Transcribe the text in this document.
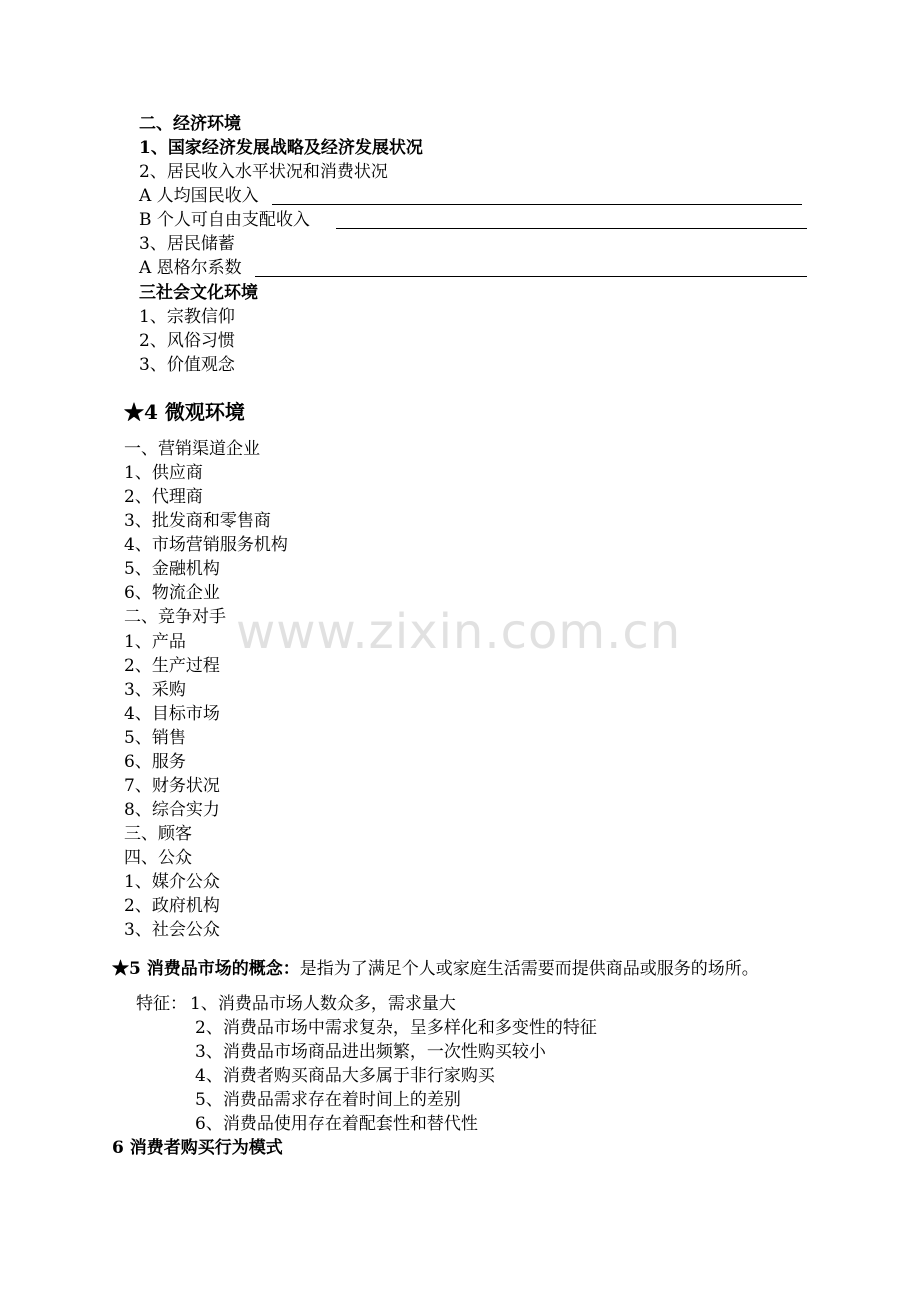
二、经济环境
1、国家经济发展战略及经济发展状况
2、居民收入水平状况和消费状况
A 人均国民收入
B 个人可自由支配收入
3、居民储蓄
A 恩格尔系数
三社会文化环境
1、宗教信仰
2、风俗习惯
3、价值观念
★4 微观环境
一、营销渠道企业
1、供应商
2、代理商
3、批发商和零售商
4、市场营销服务机构
5、金融机构
6、物流企业
二、竞争对手
1、产品
2、生产过程
3、采购
4、目标市场
5、销售
6、服务
7、财务状况
8、综合实力
三、顾客
四、公众
1、媒介公众
2、政府机构
3、社会公众
★5 消费品市场的概念：是指为了满足个人或家庭生活需要而提供商品或服务的场所。
特征： 1、消费品市场人数众多，需求量大
2、消费品市场中需求复杂，呈多样化和多变性的特征
3、消费品市场商品进出频繁，一次性购买较小
4、消费者购买商品大多属于非行家购买
5、消费品需求存在着时间上的差别
6、消费品使用存在着配套性和替代性
6 消费者购买行为模式
www.zixin.com.cn
